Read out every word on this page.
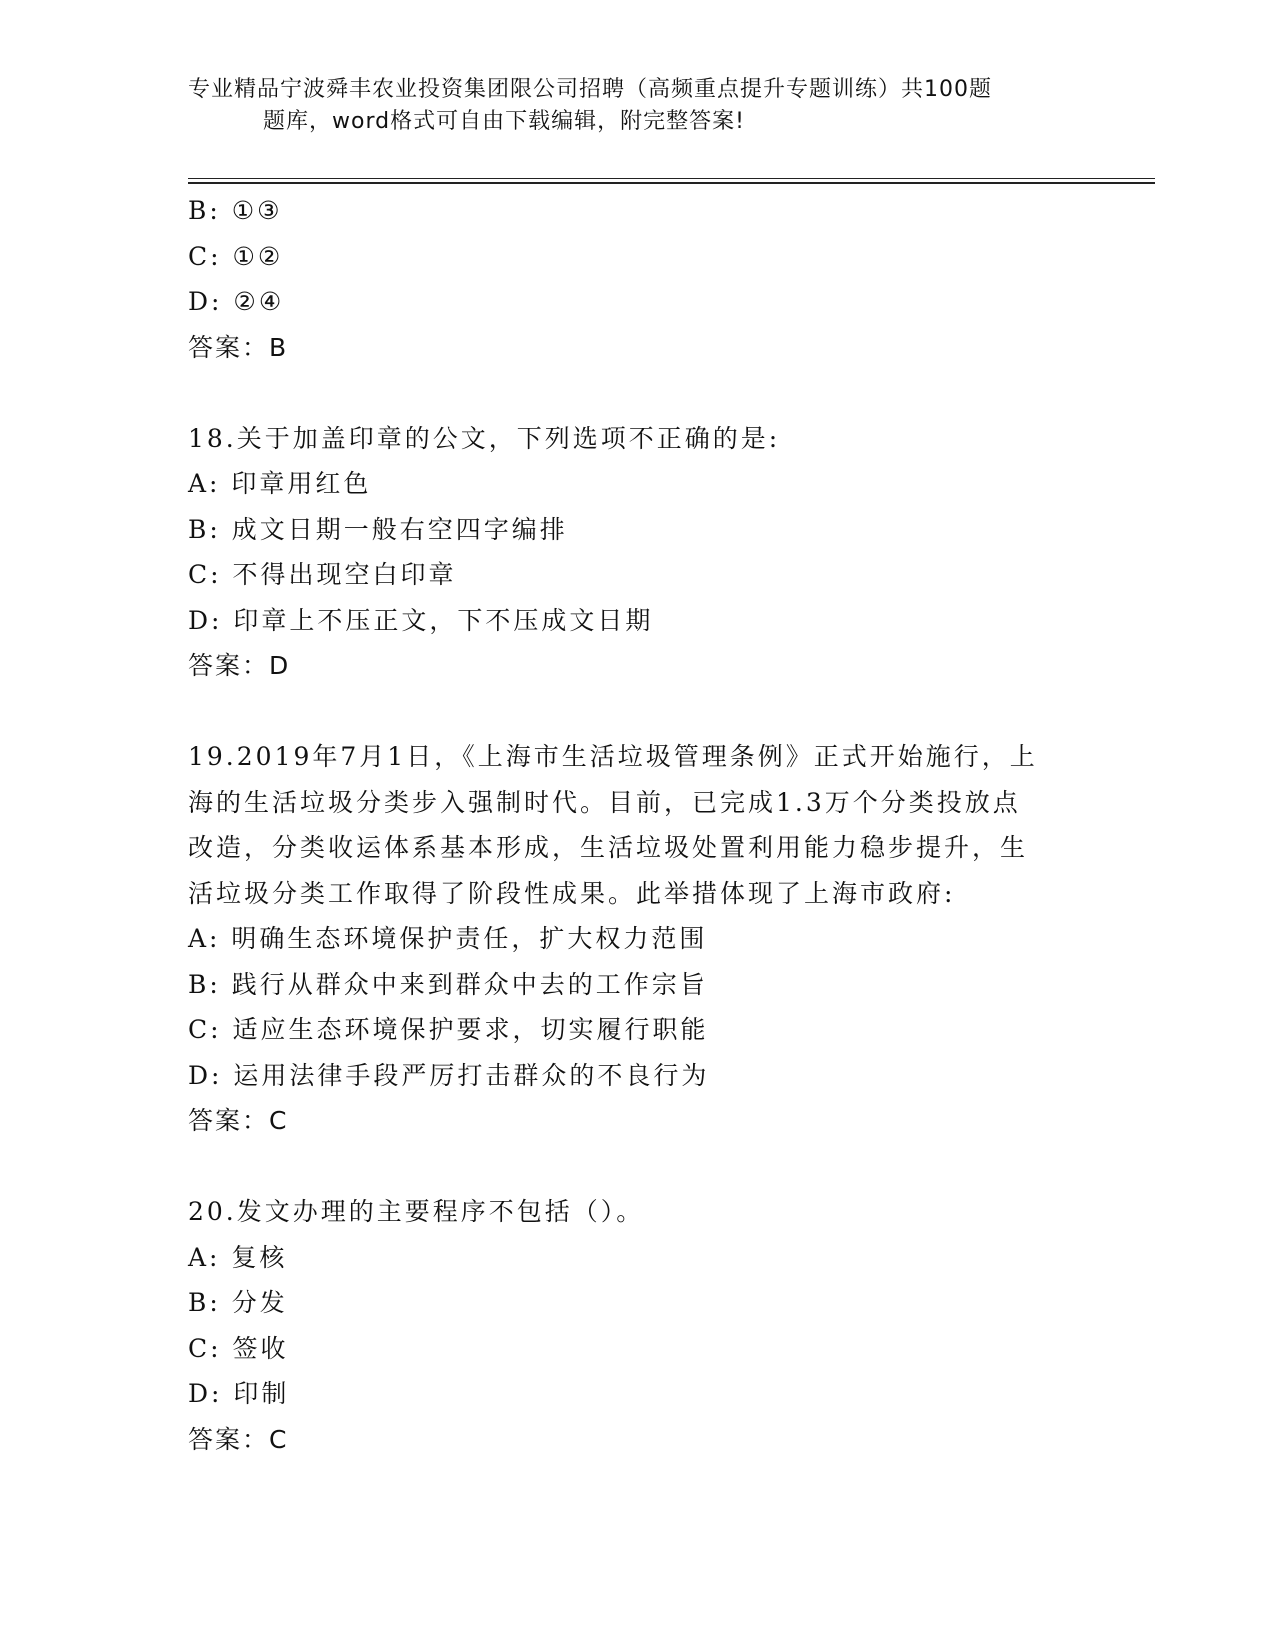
专业精品宁波舜丰农业投资集团限公司招聘（高频重点提升专题训练）共100题
题库，word格式可自由下载编辑，附完整答案!
B: ①③
C: ①②
D: ②④
答案：B
18.关于加盖印章的公文，下列选项不正确的是:
A: 印章用红色
B: 成文日期一般右空四字编排
C: 不得出现空白印章
D: 印章上不压正文，下不压成文日期
答案：D
19.2019年7月1日，《上海市生活垃圾管理条例》正式开始施行，上
海的生活垃圾分类步入强制时代。目前，已完成1.3万个分类投放点
改造，分类收运体系基本形成，生活垃圾处置利用能力稳步提升，生
活垃圾分类工作取得了阶段性成果。此举措体现了上海市政府:
A: 明确生态环境保护责任，扩大权力范围
B: 践行从群众中来到群众中去的工作宗旨
C: 适应生态环境保护要求，切实履行职能
D: 运用法律手段严厉打击群众的不良行为
答案：C
20.发文办理的主要程序不包括（）。
A: 复核
B: 分发
C: 签收
D: 印制
答案：C
